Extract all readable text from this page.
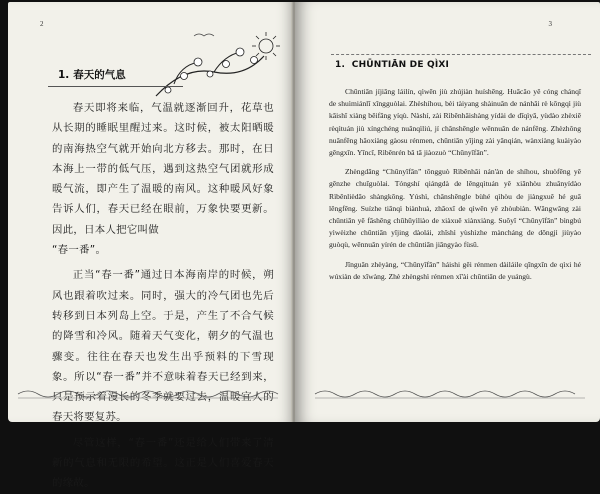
2
1. 春天的气息

春天即将来临，气温就逐渐回升，花草也从长期的睡眠里醒过来。这时候，被太阳晒暖的南海热空气就开始向北方移去。那时，在日本海上一带的低气压，遇到这热空气团就形成暖气流，即产生了温暖的南风。这种暖风好象告诉人们，春天已经在眼前，万象快要更新。因此，日本人把它叫做

“春一番”。

正当“春一番”通过日本海南岸的时候，朔风也跟着吹过来。同时，强大的冷气团也先后转移到日本列岛上空。于是，产生了不合气候的降雪和冷风。随着天气变化，朝夕的气温也骤变。往往在春天也发生出乎预料的下雪现象。所以“春一番”并不意味着春天已经到来，只是预示着漫长的冬季就要过去，温暖宜人的春天将要复苏。

尽管这样，“春一番”还是给人们带来了清新的气息和无限的希望。这正是人们喜爱春天的缘故。

3
1. CHŪNTIĀN DE QÌXI

Chūntiān jíjiāng láilín, qìwēn jiù zhújiàn huíshēng. Huācǎo yě cóng chánqī de shuìmiánlǐ xǐngguòlai. Zhèshíhou, bèi tàiyang shàinuǎn de nánhǎi rè kōngqì jiù kāishǐ xiàng běifāng yíqù. Nàshí, zài Rìběnhǎishàng yídài de dīqìyā, yùdào zhèxiē rèqìtuán jiù xíngchéng nuǎnqìliú, jí chǎnshēngle wēnnuǎn de nánfēng. Zhèzhǒng nuǎnfēng hǎoxiàng gàosu rénmen, chūntiān yǐjing zài yǎnqián, wànxiàng kuàiyào gēngxīn. Yīncǐ, Rìběnrén bǎ tā jiàozuò “Chūnyīfān”.

Zhèngdāng “Chūnyīfān” tōngguò Rìběnhǎi nán'àn de shíhou, shuòfēng yě gēnzhe chuīguòlai. Tóngshí qiángdà de lěngqìtuán yě xiānhòu zhuǎnyídào Rìběnlièdǎo shàngkōng. Yúshì, chǎnshēngle bùhé qìhòu de jiàngxuě hé guā lěngfēng. Suízhe tiānqì biànhuà, zhāoxī de qìwēn yě zhòubiàn. Wǎngwǎng zài chūntiān yě fāshēng chūhūyìliào de xiàxuě xiànxiàng. Suǒyǐ “Chūnyīfān” bìngbú yìwèizhe chūntiān yǐjing dàolái, zhǐshì yùshìzhe màncháng de dōngjì jiùyào guòqù, wēnnuǎn yírén de chūntiān jiāngyào fùsū.

Jǐnguǎn zhèyàng, “Chūnyīfān” háishi gěi rénmen dàiláile qīngxīn de qìxi hé wúxiàn de xīwàng. Zhè zhèngshì rénmen xǐ'ài chūntiān de yuángù.
